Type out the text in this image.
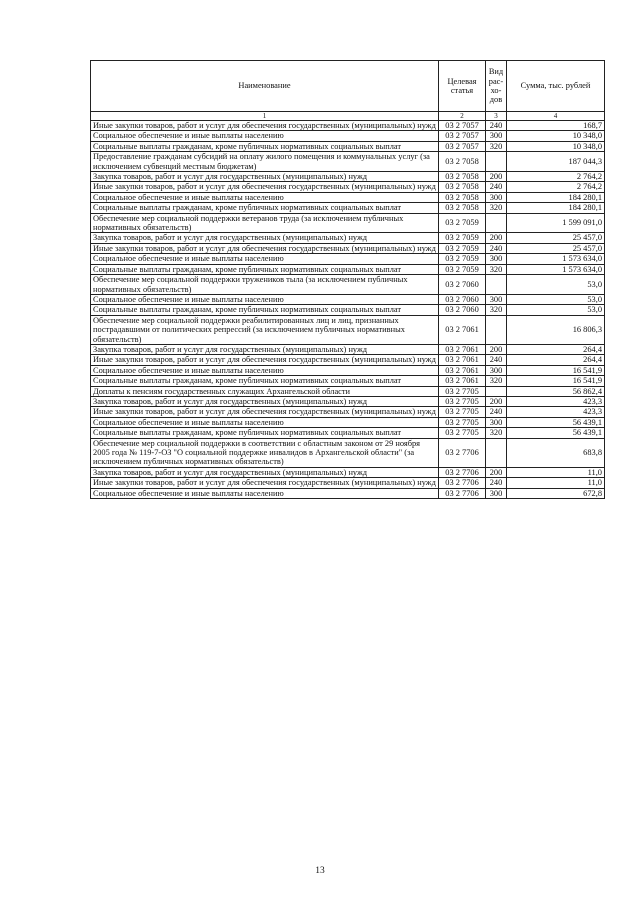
Наименование	Целевая статья	Вид рас-хо-дов	Сумма, тыс. рублей
1	2	3	4
Иные закупки товаров, работ и услуг для обеспечения государственных (муниципальных) нужд	03 2 7057	240	168,7
Социальное обеспечение и иные выплаты населению	03 2 7057	300	10 348,0
Социальные выплаты гражданам, кроме публичных нормативных социальных выплат	03 2 7057	320	10 348,0
Предоставление гражданам субсидий на оплату жилого помещения и коммунальных услуг (за исключением субвенций местным бюджетам)	03 2 7058		187 044,3
Закупка товаров, работ и услуг для государственных (муниципальных) нужд	03 2 7058	200	2 764,2
Иные закупки товаров, работ и услуг для обеспечения государственных (муниципальных) нужд	03 2 7058	240	2 764,2
Социальное обеспечение и иные выплаты населению	03 2 7058	300	184 280,1
Социальные выплаты гражданам, кроме публичных нормативных социальных выплат	03 2 7058	320	184 280,1
Обеспечение мер социальной поддержки ветеранов труда (за исключением публичных нормативных обязательств)	03 2 7059		1 599 091,0
Закупка товаров, работ и услуг для государственных (муниципальных) нужд	03 2 7059	200	25 457,0
Иные закупки товаров, работ и услуг для обеспечения государственных (муниципальных) нужд	03 2 7059	240	25 457,0
Социальное обеспечение и иные выплаты населению	03 2 7059	300	1 573 634,0
Социальные выплаты гражданам, кроме публичных нормативных социальных выплат	03 2 7059	320	1 573 634,0
Обеспечение мер социальной поддержки тружеников тыла (за исключением публичных нормативных обязательств)	03 2 7060		53,0
Социальное обеспечение и иные выплаты населению	03 2 7060	300	53,0
Социальные выплаты гражданам, кроме публичных нормативных социальных выплат	03 2 7060	320	53,0
Обеспечение мер социальной поддержки реабилитированных лиц и лиц, признанных пострадавшими от политических репрессий (за исключением публичных нормативных обязательств)	03 2 7061		16 806,3
Закупка товаров, работ и услуг для государственных (муниципальных) нужд	03 2 7061	200	264,4
Иные закупки товаров, работ и услуг для обеспечения государственных (муниципальных) нужд	03 2 7061	240	264,4
Социальное обеспечение и иные выплаты населению	03 2 7061	300	16 541,9
Социальные выплаты гражданам, кроме публичных нормативных социальных выплат	03 2 7061	320	16 541,9
Доплаты к пенсиям государственных служащих Архангельской области	03 2 7705		56 862,4
Закупка товаров, работ и услуг для государственных (муниципальных) нужд	03 2 7705	200	423,3
Иные закупки товаров, работ и услуг для обеспечения государственных (муниципальных) нужд	03 2 7705	240	423,3
Социальное обеспечение и иные выплаты населению	03 2 7705	300	56 439,1
Социальные выплаты гражданам, кроме публичных нормативных социальных выплат	03 2 7705	320	56 439,1
Обеспечение мер социальной поддержки в соответствии с областным законом от 29 ноября 2005 года № 119-7-ОЗ "О социальной поддержке инвалидов в Архангельской области" (за исключением публичных нормативных обязательств)	03 2 7706		683,8
Закупка товаров, работ и услуг для государственных (муниципальных) нужд	03 2 7706	200	11,0
Иные закупки товаров, работ и услуг для обеспечения государственных (муниципальных) нужд	03 2 7706	240	11,0
Социальное обеспечение и иные выплаты населению	03 2 7706	300	672,8
13
